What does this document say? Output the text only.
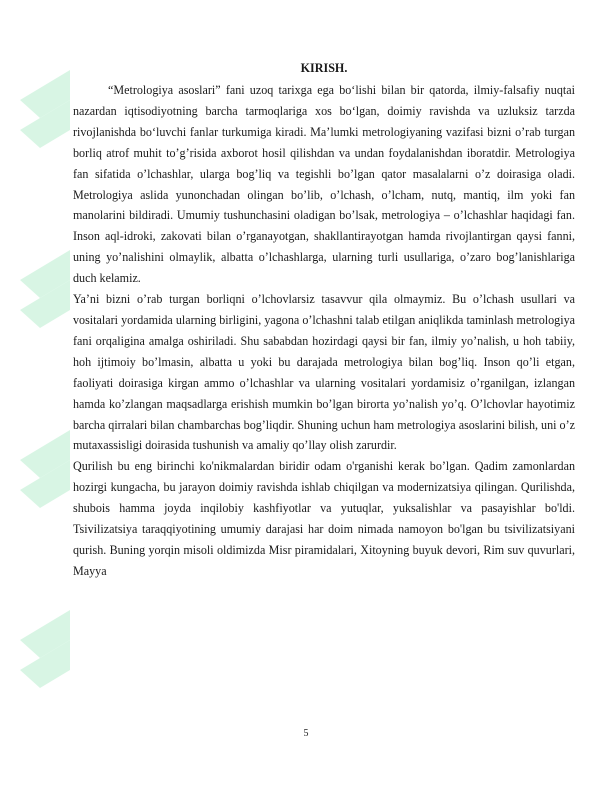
KIRISH.

“Metrologiya asoslari” fani uzoq tarixga ega bo‘lishi bilan bir qatorda, ilmiy-falsafiy nuqtai nazardan iqtisodiyotning barcha tarmoqlariga xos bo‘lgan, doimiy ravishda va uzluksiz tarzda rivojlanishda bo‘luvchi fanlar turkumiga kiradi. Ma’lumki metrologiyaning vazifasi bizni o’rab turgan borliq atrof muhit to’g’risida axborot hosil qilishdan va undan foydalanishdan iboratdir. Metrologiya fan sifatida o’lchashlar, ularga bog’liq va tegishli bo’lgan qator masalalarni o’z doirasiga oladi. Metrologiya aslida yunonchadan olingan bo’lib, o’lchash, o’lcham, nutq, mantiq, ilm yoki fan manolarini bildiradi. Umumiy tushunchasini oladigan bo’lsak, metrologiya – o’lchashlar haqidagi fan. Inson aql-idroki, zakovati bilan o’rganayotgan, shakllantirayotgan hamda rivojlantirgan qaysi fanni, uning yo’nalishini olmaylik, albatta o’lchashlarga, ularning turli usullariga, o’zaro bog’lanishlariga duch kelamiz.

Ya’ni bizni o’rab turgan borliqni o’lchovlarsiz tasavvur qila olmaymiz. Bu o’lchash usullari va vositalari yordamida ularning birligini, yagona o’lchashni talab etilgan aniqlikda taminlash metrologiya fani orqaligina amalga oshiriladi. Shu sababdan hozirdagi qaysi bir fan, ilmiy yo’nalish, u hoh tabiiy, hoh ijtimoiy bo’lmasin, albatta u yoki bu darajada metrologiya bilan bog’liq. Inson qo’li etgan, faoliyati doirasiga kirgan ammo o’lchashlar va ularning vositalari yordamisiz o’rganilgan, izlangan hamda ko’zlangan maqsadlarga erishish mumkin bo’lgan birorta yo’nalish yo’q. O’lchovlar hayotimiz barcha qirralari bilan chambarchas bog’liqdir. Shuning uchun ham metrologiya asoslarini bilish, uni o’z mutaxassisligi doirasida tushunish va amaliy qo’llay olish zarurdir.

Qurilish bu eng birinchi ko'nikmalardan biridir odam o'rganishi kerak bo’lgan. Qadim zamonlardan hozirgi kungacha, bu jarayon doimiy ravishda ishlab chiqilgan va modernizatsiya qilingan. Qurilishda, shubois hamma joyda inqilobiy kashfiyotlar va yutuqlar, yuksalishlar va pasayishlar bo'ldi. Tsivilizatsiya taraqqiyotining umumiy darajasi har doim nimada namoyon bo'lgan bu tsivilizatsiyani qurish. Buning yorqin misoli oldimizda Misr piramidalari, Xitoyning buyuk devori, Rim suv quvurlari, Mayya

5
